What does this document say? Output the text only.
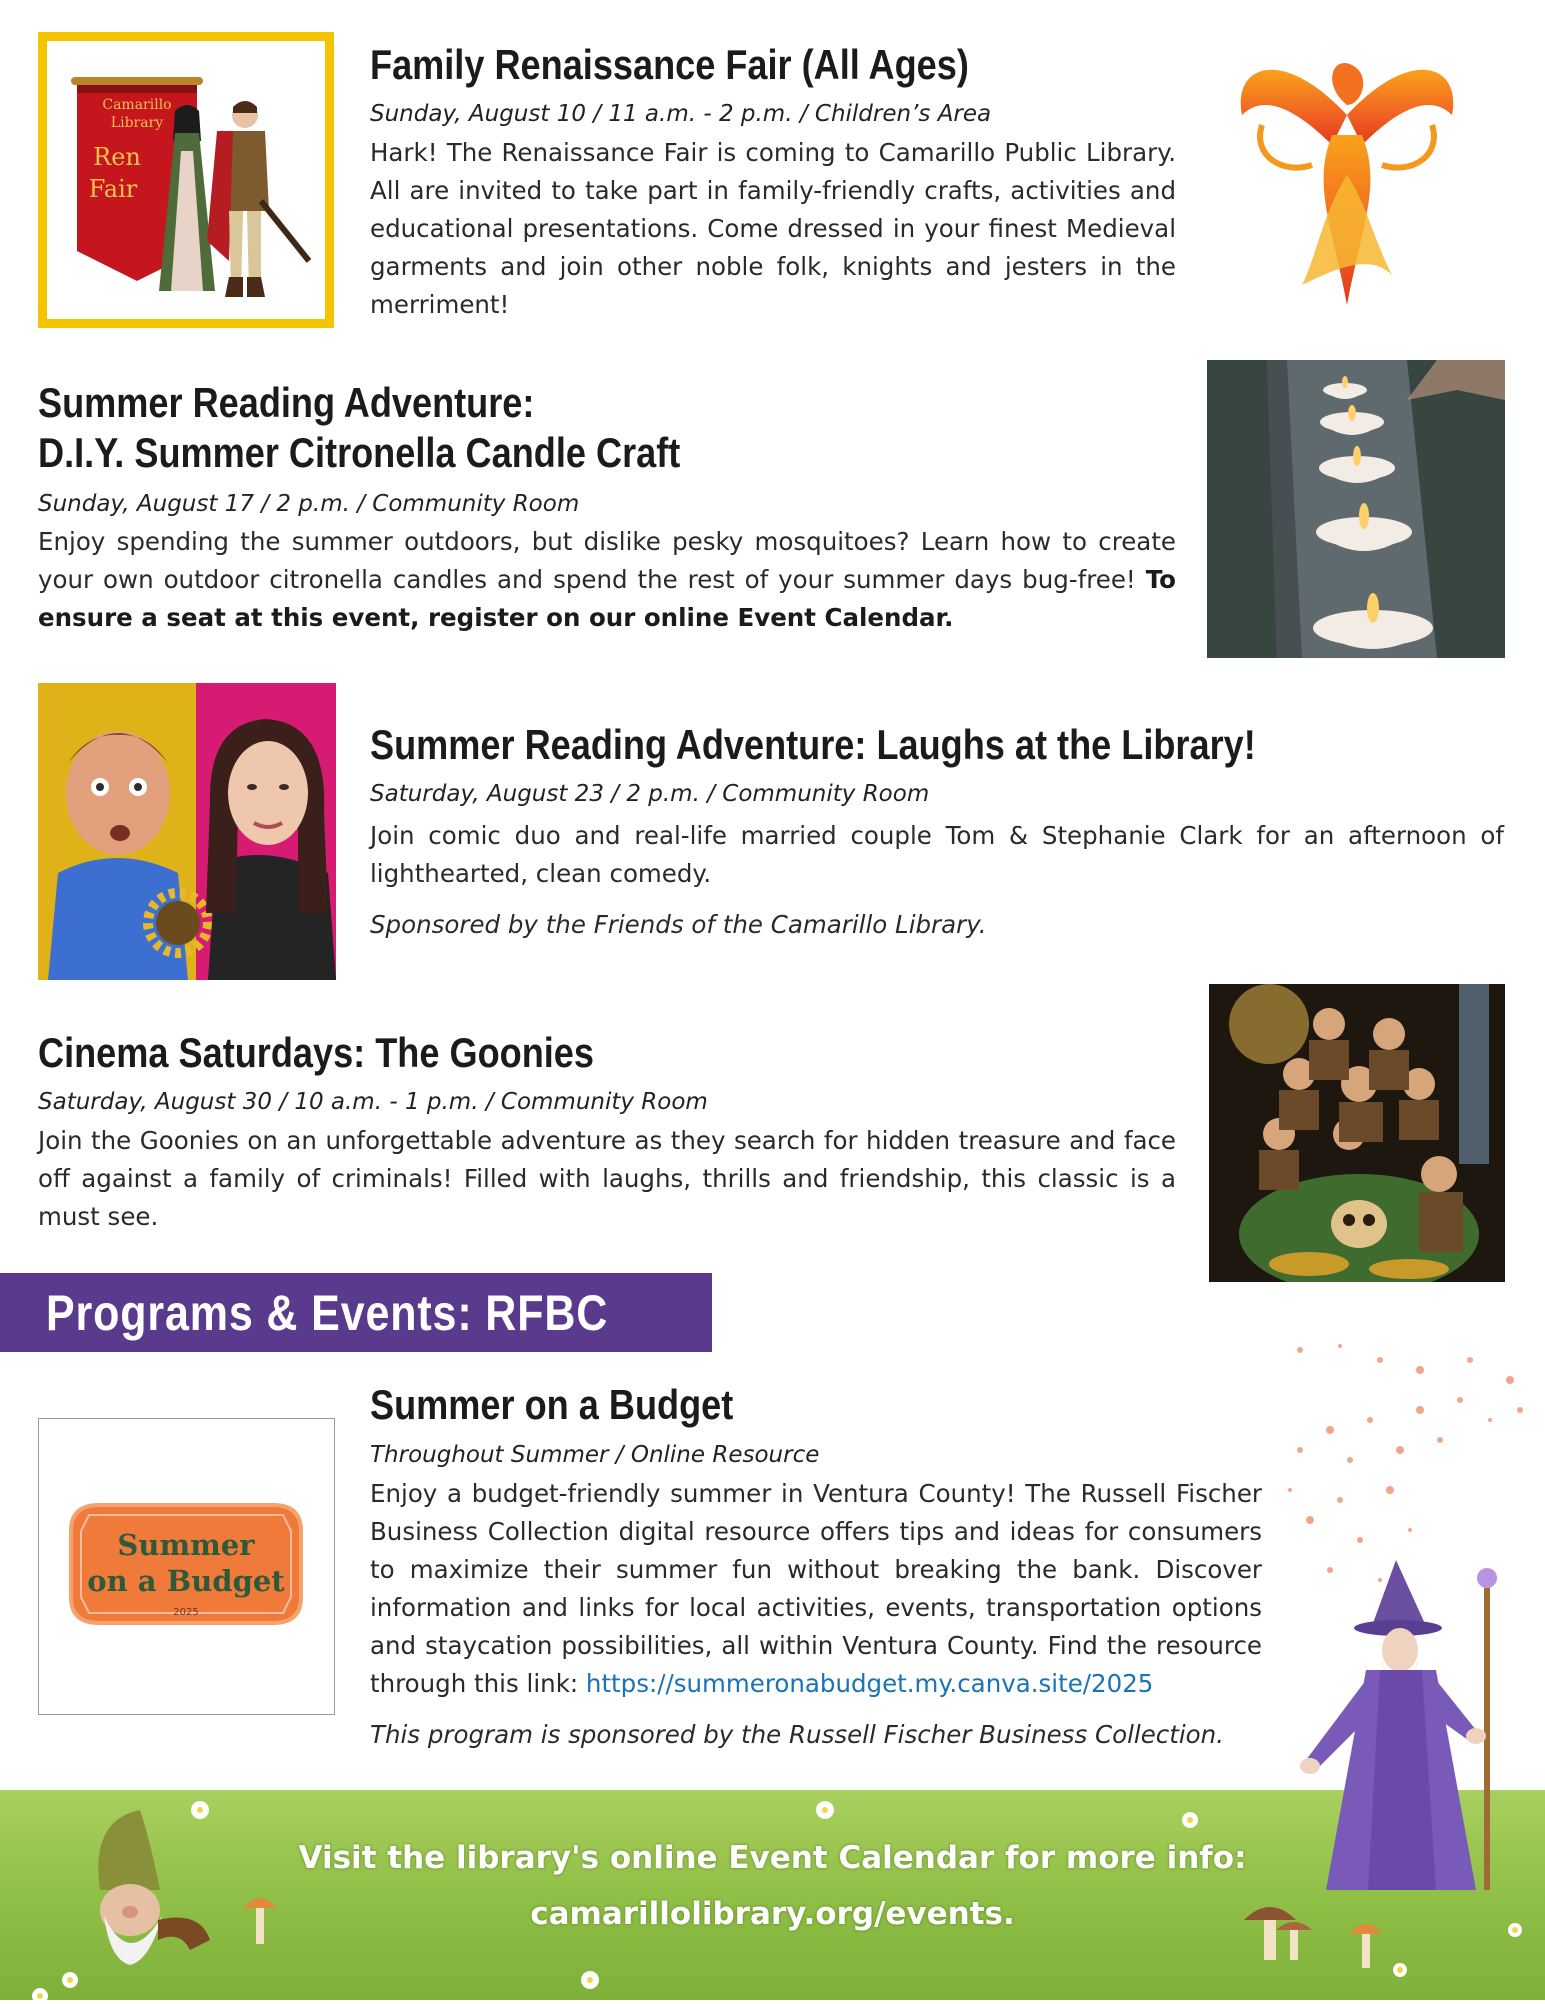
Camarillo
Library
Ren
Fair
Family Renaissance Fair (All Ages)

Sunday, August 10 / 11 a.m. - 2 p.m. / Children’s Area

Hark! The Renaissance Fair is coming to Camarillo Public Library. All are invited to take part in family-friendly crafts, activities and educational presentations. Come dressed in your finest Medieval garments and join other noble folk, knights and jesters in the merriment!

Summer Reading Adventure:
D.I.Y. Summer Citronella Candle Craft

Sunday, August 17 / 2 p.m. / Community Room

Enjoy spending the summer outdoors, but dislike pesky mosquitoes? Learn how to create your own outdoor citronella candles and spend the rest of your summer days bug-free! To ensure a seat at this event, register on our online Event Calendar.

Summer Reading Adventure: Laughs at the Library!

Saturday, August 23 / 2 p.m. / Community Room

Join comic duo and real-life married couple Tom & Stephanie Clark for an afternoon of lighthearted, clean comedy.

Sponsored by the Friends of the Camarillo Library.

Cinema Saturdays: The Goonies

Saturday, August 30 / 10 a.m. - 1 p.m. / Community Room

Join the Goonies on an unforgettable adventure as they search for hidden treasure and face off against a family of criminals! Filled with laughs, thrills and friendship, this classic is a must see.

Programs & Events: RFBC
Summer
on a Budget
2025
Summer on a Budget

Throughout Summer / Online Resource

Enjoy a budget-friendly summer in Ventura County! The Russell Fischer Business Collection digital resource offers tips and ideas for consumers to maximize their summer fun without breaking the bank. Discover information and links for local activities, events, transportation options and staycation possibilities, all within Ventura County. Find the resource through this link: https://summeronabudget.my.canva.site/2025

This program is sponsored by the Russell Fischer Business Collection.

Visit the library's online Event Calendar for more info:

camarillolibrary.org/events.
